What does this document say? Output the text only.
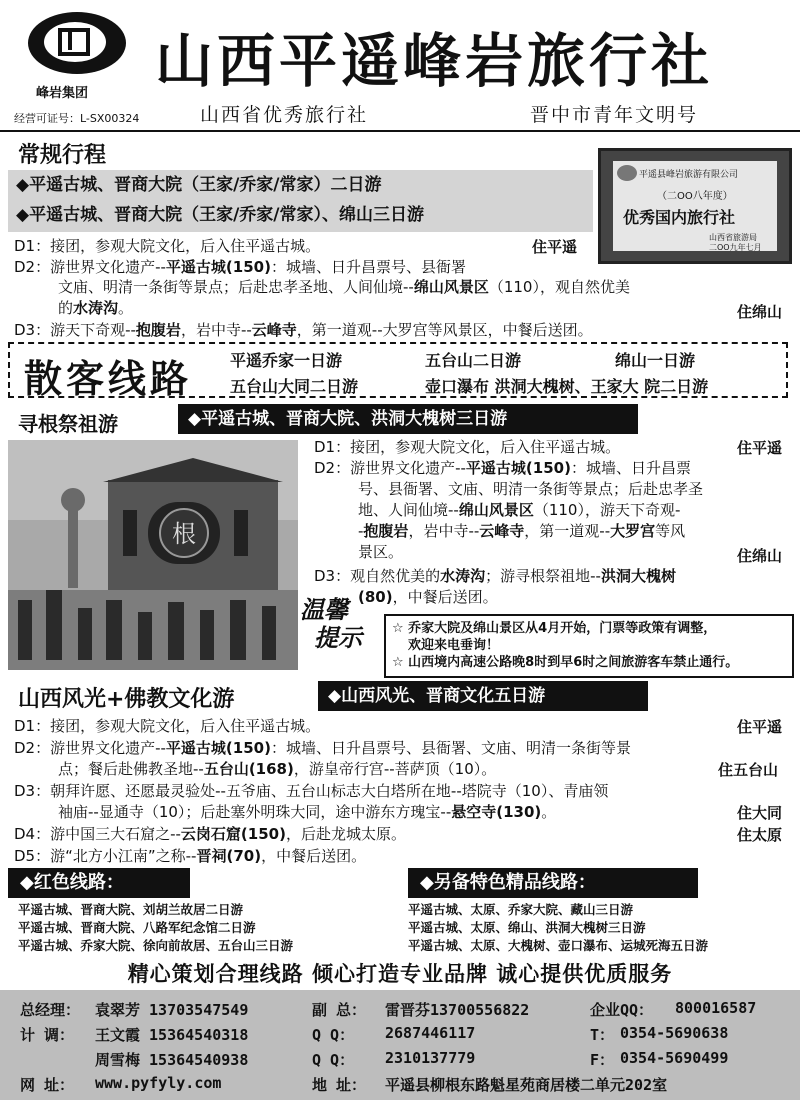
峰岩集团
经营可证号：L-SX00324
山西平遥峰岩旅行社
山西省优秀旅行社	晋中市青年文明号
常规行程
◆平遥古城、晋商大院（王家/乔家/常家）二日游
◆平遥古城、晋商大院（王家/乔家/常家）、绵山三日游
平遥县峰岩旅游有限公司
（二OO八年度）
优秀国内旅行社
山西省旅游局
二OO九年七月
D1：接团，参观大院文化，后入住平遥古城。	住平遥
D2：游世界文化遗产--平遥古城(150)：城墙、日升昌票号、县衙署
文庙、明清一条街等景点；后赴忠孝圣地、人间仙境--绵山风景区（110），观自然优美
的水涛沟。	住绵山
D3：游天下奇观--抱腹岩，岩中寺--云峰寺，第一道观--大罗宫等风景区，中餐后送团。
散客线路 平遥乔家一日游	五台山二日游	绵山一日游
五台山大同二日游	壶口瀑布 洪洞大槐树、王家大 院二日游
寻根祭祖游	◆平遥古城、晋商大院、洪洞大槐树三日游
根
D1：接团，参观大院文化，后入住平遥古城。	住平遥
D2：游世界文化遗产--平遥古城(150)：城墙、日升昌票
号、县衙署、文庙、明清一条街等景点；后赴忠孝圣
地、人间仙境--绵山风景区（110），游天下奇观-
-抱腹岩，岩中寺--云峰寺，第一道观--大罗宫等风
景区。	住绵山
D3：观自然优美的水涛沟；游寻根祭祖地--洪洞大槐树
(80)，中餐后送团。
温馨
提示 ☆ 乔家大院及绵山景区从4月开始，门票等政策有调整，
欢迎来电垂询！
☆ 山西境内高速公路晚8时到早6时之间旅游客车禁止通行。
山西风光+佛教文化游	◆山西风光、晋商文化五日游
D1：接团，参观大院文化，后入住平遥古城。	住平遥
D2：游世界文化遗产--平遥古城(150)：城墙、日升昌票号、县衙署、文庙、明清一条街等景
点；餐后赴佛教圣地--五台山(168)，游皇帝行宫--菩萨顶（10）。	住五台山
D3：朝拜许愿、还愿最灵验处--五爷庙、五台山标志大白塔所在地--塔院寺（10）、青庙领
袖庙--显通寺（10）；后赴塞外明珠大同，途中游东方瑰宝--悬空寺(130)。	住大同
D4：游中国三大石窟之--云岗石窟(150)，后赴龙城太原。	住太原
D5：游“北方小江南”之称--晋祠(70)，中餐后送团。
◆红色线路：	◆另备特色精品线路：
平遥古城、晋商大院、刘胡兰故居二日游
平遥古城、晋商大院、八路军纪念馆二日游
平遥古城、乔家大院、徐向前故居、五台山三日游
平遥古城、太原、乔家大院、藏山三日游
平遥古城、太原、绵山、洪洞大槐树三日游
平遥古城、太原、大槐树、壶口瀑布、运城死海五日游
精心策划合理线路 倾心打造专业品牌 诚心提供优质服务
总经理： 袁翠芳 13703547549	副 总： 雷晋芬13700556822	企业QQ： 800016587
计 调： 王文霞 15364540318	Q Q： 2687446117	T： 0354-5690638
周雪梅 15364540938	Q Q： 2310137779	F： 0354-5690499
网 址： www.pyfyly.com	地 址： 平遥县柳根东路魁星苑商居楼二单元202室
